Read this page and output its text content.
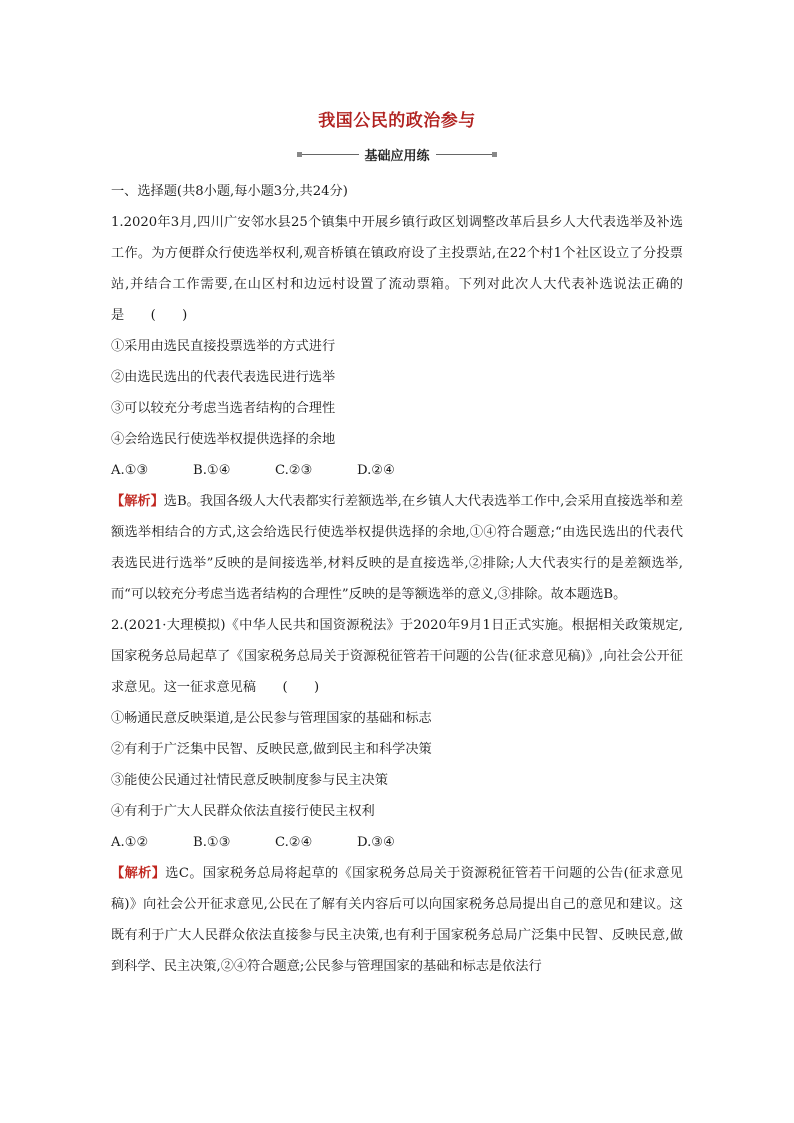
我国公民的政治参与
基础应用练

一、选择题(共8小题,每小题3分,共24分)

1.2020年3月,四川广安邻水县25个镇集中开展乡镇行政区划调整改革后县乡人大代表选举及补选工作。为方便群众行使选举权利,观音桥镇在镇政府设了主投票站,在22个村1个社区设立了分投票站,并结合工作需要,在山区村和边远村设置了流动票箱。下列对此次人大代表补选说法正确的是   (　　)

①采用由选民直接投票选举的方式进行

②由选民选出的代表代表选民进行选举

③可以较充分考虑当选者结构的合理性

④会给选民行使选举权提供选择的余地

A.①③	B.①④	C.②③	D.②④

【解析】选B。我国各级人大代表都实行差额选举,在乡镇人大代表选举工作中,会采用直接选举和差额选举相结合的方式,这会给选民行使选举权提供选择的余地,①④符合题意;“由选民选出的代表代表选民进行选举”反映的是间接选举,材料反映的是直接选举,②排除;人大代表实行的是差额选举,而“可以较充分考虑当选者结构的合理性”反映的是等额选举的意义,③排除。故本题选B。

2.(2021·大理模拟)《中华人民共和国资源税法》于2020年9月1日正式实施。根据相关政策规定,国家税务总局起草了《国家税务总局关于资源税征管若干问题的公告(征求意见稿)》,向社会公开征求意见。这一征求意见稿   (　　)

①畅通民意反映渠道,是公民参与管理国家的基础和标志

②有利于广泛集中民智、反映民意,做到民主和科学决策

③能使公民通过社情民意反映制度参与民主决策

④有利于广大人民群众依法直接行使民主权利

A.①②	B.①③	C.②④	D.③④

【解析】选C。国家税务总局将起草的《国家税务总局关于资源税征管若干问题的公告(征求意见稿)》向社会公开征求意见,公民在了解有关内容后可以向国家税务总局提出自己的意见和建议。这既有利于广大人民群众依法直接参与民主决策,也有利于国家税务总局广泛集中民智、反映民意,做到科学、民主决策,②④符合题意;公民参与管理国家的基础和标志是依法行
